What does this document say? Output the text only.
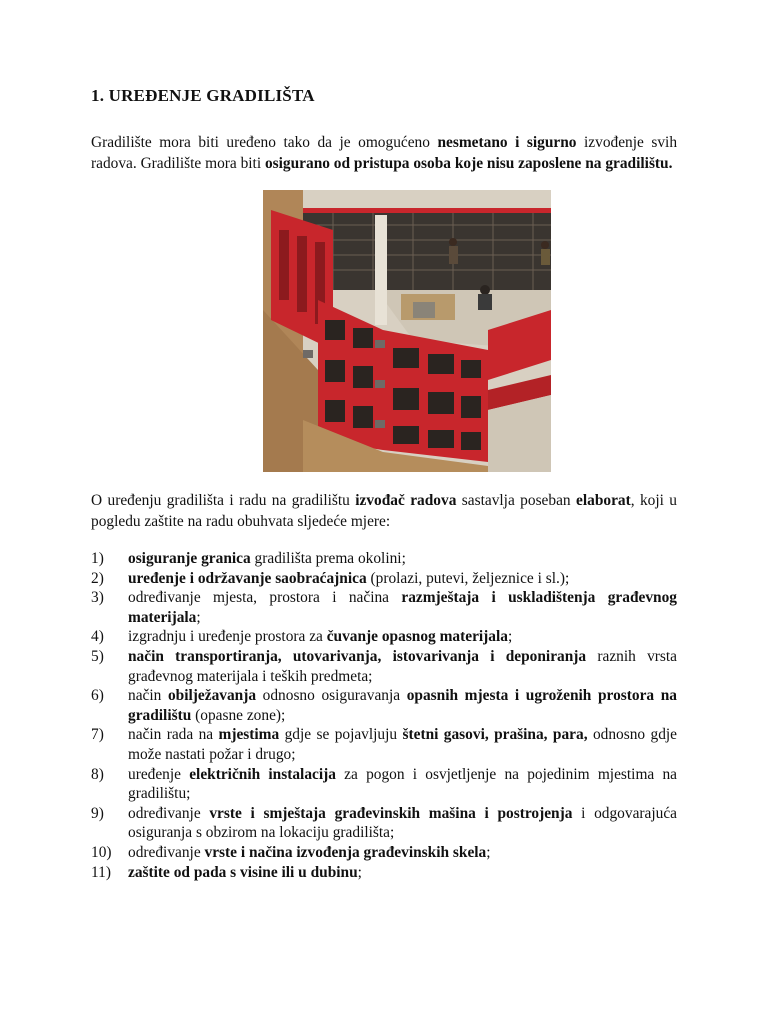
1. UREĐENJE GRADILIŠTA

Gradilište mora biti uređeno tako da je omogućeno nesmetano i sigurno izvođenje svih radova. Gradilište mora biti osigurano od pristupa osoba koje nisu zaposlene na gradilištu.

O uređenju gradilišta i radu na gradilištu izvođač radova sastavlja poseban elaborat, koji u pogledu zaštite na radu obuhvata sljedeće mjere:

1) osiguranje granica gradilišta prema okolini;
2) uređenje i održavanje saobraćajnica (prolazi, putevi, željeznice i sl.);
3) određivanje mjesta, prostora i načina razmještaja i uskladištenja građevnog materijala;
4) izgradnju i uređenje prostora za čuvanje opasnog materijala;
5) način transportiranja, utovarivanja, istovarivanja i deponiranja raznih vrsta građevnog materijala i teških predmeta;
6) način obilježavanja odnosno osiguravanja opasnih mjesta i ugroženih prostora na gradilištu (opasne zone);
7) način rada na mjestima gdje se pojavljuju štetni gasovi, prašina, para, odnosno gdje može nastati požar i drugo;
8) uređenje električnih instalacija za pogon i osvjetljenje na pojedinim mjestima na gradilištu;
9) određivanje vrste i smještaja građevinskih mašina i postrojenja i odgovarajuća osiguranja s obzirom na lokaciju gradilišta;
10) određivanje vrste i načina izvođenja građevinskih skela;
11) zaštite od pada s visine ili u dubinu;
